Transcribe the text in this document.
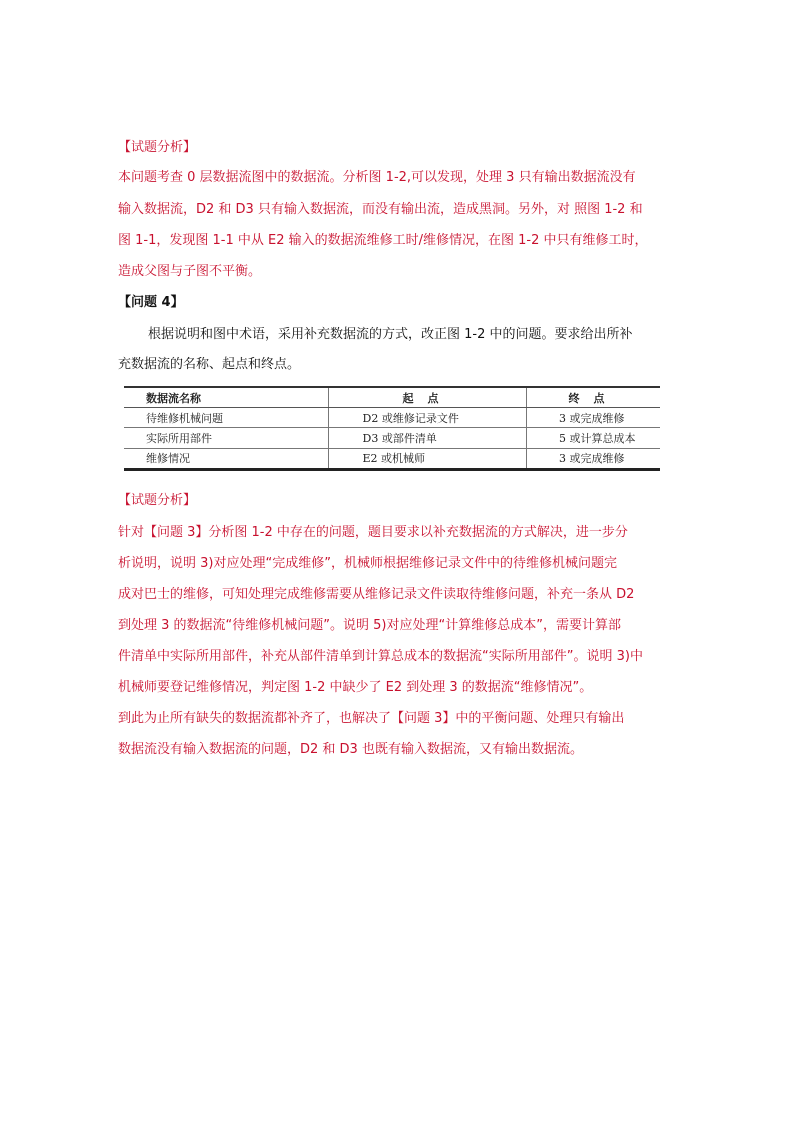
【试题分析】
本问题考查 0 层数据流图中的数据流。分析图 1-2,可以发现，处理 3 只有输出数据流没有
输入数据流，D2 和 D3 只有输入数据流，而没有输出流，造成黑洞。另外，对 照图 1-2 和
图 1-1，发现图 1-1 中从 E2 输入的数据流维修工时/维修情况，在图 1-2 中只有维修工时，
造成父图与子图不平衡。
【问题 4】
根据说明和图中术语，采用补充数据流的方式，改正图 1-2 中的问题。要求给出所补
充数据流的名称、起点和终点。
数据流名称	起点	终点
待维修机械问题	D2 或维修记录文件	3 或完成维修
实际所用部件	D3 或部件清单	5 或计算总成本
维修情况	E2 或机械师	3 或完成维修
【试题分析】
针对【问题 3】分析图 1-2 中存在的问题，题目要求以补充数据流的方式解决，进一步分
析说明，说明 3)对应处理“完成维修”，机械师根据维修记录文件中的待维修机械问题完
成对巴士的维修，可知处理完成维修需要从维修记录文件读取待维修问题，补充一条从 D2
到处理 3 的数据流“待维修机械问题”。说明 5)对应处理“计算维修总成本”，需要计算部
件清单中实际所用部件，补充从部件清单到计算总成本的数据流“实际所用部件”。说明 3)中
机械师要登记维修情况，判定图 1-2 中缺少了 E2 到处理 3 的数据流“维修情况”。
到此为止所有缺失的数据流都补齐了，也解决了【问题 3】中的平衡问题、处理只有输出
数据流没有输入数据流的问题，D2 和 D3 也既有输入数据流，又有输出数据流。
